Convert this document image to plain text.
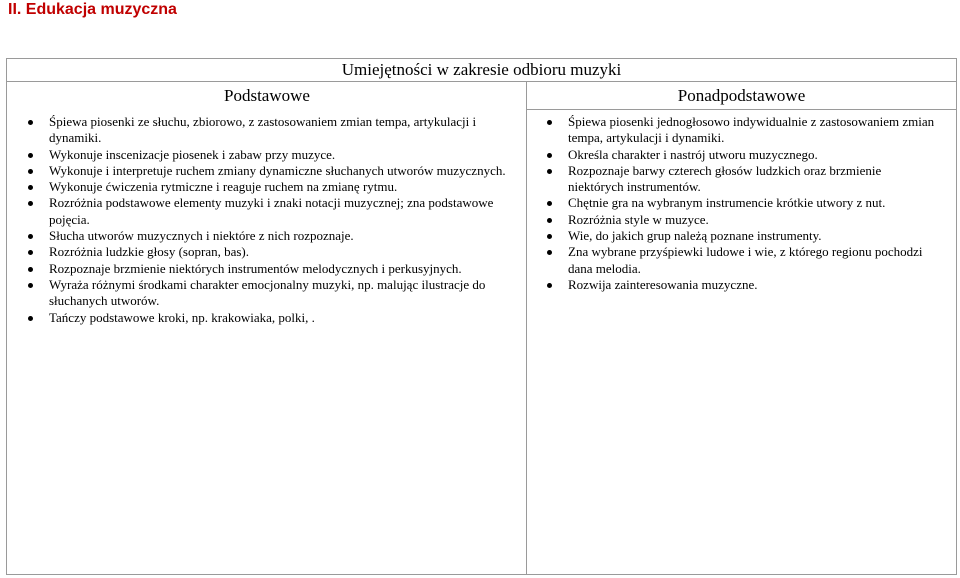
II. Edukacja muzyczna
Umiejętności w zakresie odbioru muzyki
Podstawowe	Ponadpodstawowe
Śpiewa piosenki ze słuchu, zbiorowo, z zastosowaniem zmian tempa, artykulacji i dynamiki.
Wykonuje inscenizacje piosenek i zabaw przy muzyce.
Wykonuje i interpretuje ruchem zmiany dynamiczne słuchanych utworów muzycznych.
Wykonuje ćwiczenia rytmiczne i reaguje ruchem na zmianę rytmu.
Rozróżnia podstawowe elementy muzyki i znaki notacji muzycznej; zna podstawowe pojęcia.
Słucha utworów muzycznych i niektóre z nich rozpoznaje.
Rozróżnia ludzkie głosy (sopran, bas).
Rozpoznaje brzmienie niektórych instrumentów melodycznych i perkusyjnych.
Wyraża różnymi środkami charakter emocjonalny muzyki, np. malując ilustracje do słuchanych utworów.
Tańczy podstawowe kroki, np. krakowiaka, polki, .
Śpiewa piosenki jednogłosowo indywidualnie z zastosowaniem zmian tempa, artykulacji i dynamiki.
Określa charakter i nastrój utworu muzycznego.
Rozpoznaje barwy czterech głosów ludzkich oraz brzmienie niektórych instrumentów.
Chętnie gra na wybranym instrumencie krótkie utwory z nut.
Rozróżnia style w muzyce.
Wie, do jakich grup należą poznane instrumenty.
Zna wybrane przyśpiewki ludowe i wie, z którego regionu pochodzi dana melodia.
Rozwija zainteresowania muzyczne.
